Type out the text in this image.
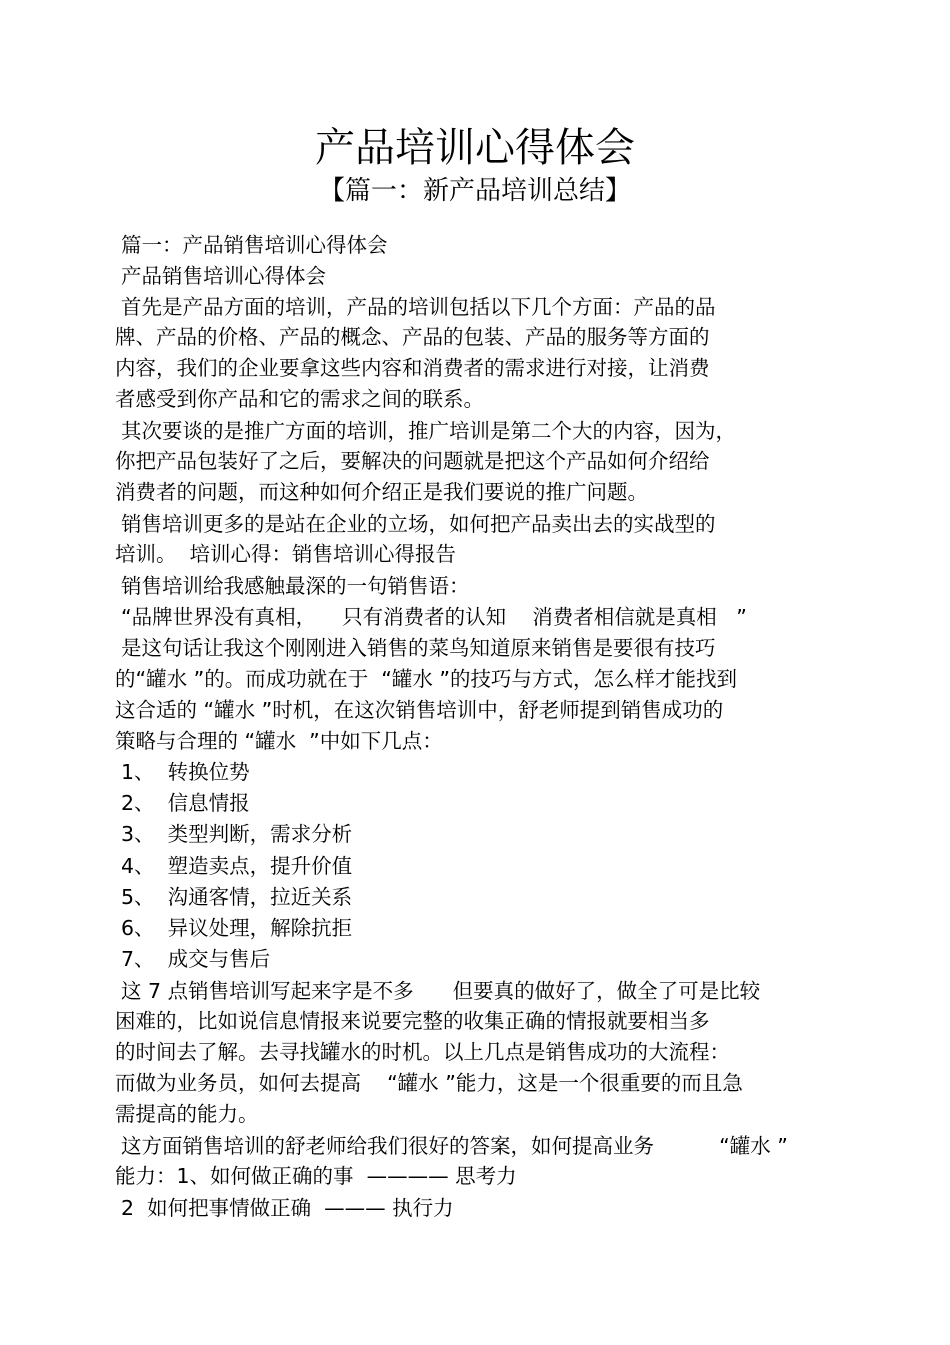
产品培训心得体会
【篇一：新产品培训总结】
篇一：产品销售培训心得体会
产品销售培训心得体会
首先是产品方面的培训，产品的培训包括以下几个方面：产品的品
牌、产品的价格、产品的概念、产品的包装、产品的服务等方面的
内容，我们的企业要拿这些内容和消费者的需求进行对接，让消费
者感受到你产品和它的需求之间的联系。
其次要谈的是推广方面的培训，推广培训是第二个大的内容，因为，
你把产品包装好了之后，要解决的问题就是把这个产品如何介绍给
消费者的问题，而这种如何介绍正是我们要说的推广问题。
销售培训更多的是站在企业的立场，如何把产品卖出去的实战型的
培训。  培训心得：销售培训心得报告
销售培训给我感触最深的一句销售语：
“品牌世界没有真相，    只有消费者的认知    消费者相信就是真相   ”
是这句话让我这个刚刚进入销售的菜鸟知道原来销售是要很有技巧
的“罐水 ”的。而成功就在于  “罐水 ”的技巧与方式，怎么样才能找到
这合适的 “罐水 ”时机，在这次销售培训中，舒老师提到销售成功的
策略与合理的 “罐水  ”中如下几点：
1、  转换位势
2、  信息情报
3、  类型判断，需求分析
4、  塑造卖点，提升价值
5、  沟通客情，拉近关系
6、  异议处理，解除抗拒
7、  成交与售后
这 7 点销售培训写起来字是不多      但要真的做好了，做全了可是比较
困难的，比如说信息情报来说要完整的收集正确的情报就要相当多
的时间去了解。去寻找罐水的时机。以上几点是销售成功的大流程：
而做为业务员，如何去提高    “罐水 ”能力，这是一个很重要的而且急
需提高的能力。
这方面销售培训的舒老师给我们很好的答案，如何提高业务          “罐水 ”
能力：1、如何做正确的事  ———— 思考力
2  如何把事情做正确  ——— 执行力
